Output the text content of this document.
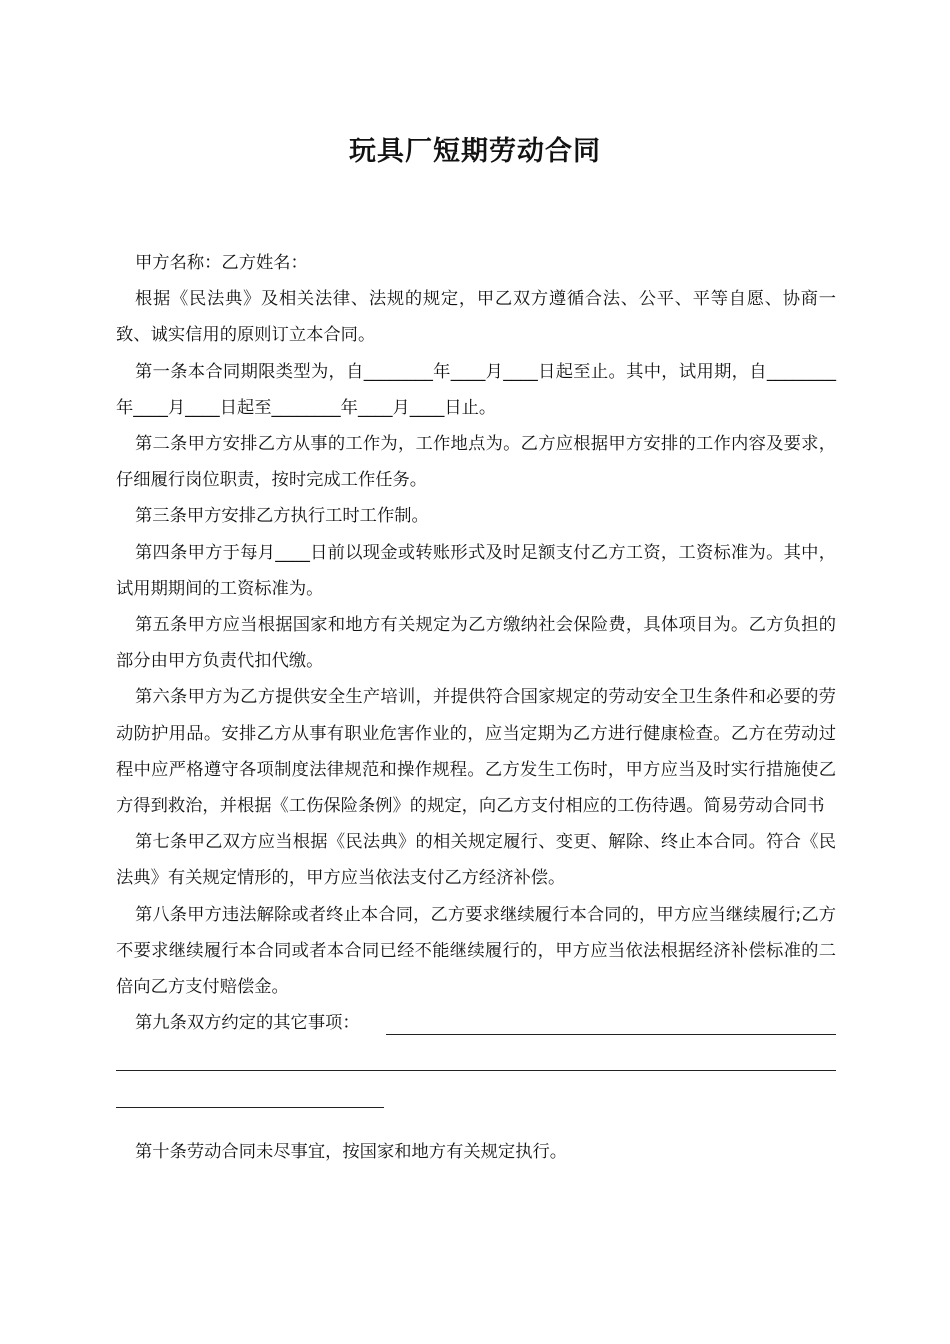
玩具厂短期劳动合同

甲方名称：乙方姓名：

根据《民法典》及相关法律、法规的规定，甲乙双方遵循合法、公平、平等自愿、协商一致、诚实信用的原则订立本合同。

第一条本合同期限类型为，自________年____月____日起至止。其中，试用期，自________年____月____日起至________年____月____日止。

第二条甲方安排乙方从事的工作为，工作地点为。乙方应根据甲方安排的工作内容及要求，仔细履行岗位职责，按时完成工作任务。

第三条甲方安排乙方执行工时工作制。

第四条甲方于每月____日前以现金或转账形式及时足额支付乙方工资，工资标准为。其中，试用期期间的工资标准为。

第五条甲方应当根据国家和地方有关规定为乙方缴纳社会保险费，具体项目为。乙方负担的部分由甲方负责代扣代缴。

第六条甲方为乙方提供安全生产培训，并提供符合国家规定的劳动安全卫生条件和必要的劳动防护用品。安排乙方从事有职业危害作业的，应当定期为乙方进行健康检查。乙方在劳动过程中应严格遵守各项制度法律规范和操作规程。乙方发生工伤时，甲方应当及时实行措施使乙方得到救治，并根据《工伤保险条例》的规定，向乙方支付相应的工伤待遇。简易劳动合同书

第七条甲乙双方应当根据《民法典》的相关规定履行、变更、解除、终止本合同。符合《民法典》有关规定情形的，甲方应当依法支付乙方经济补偿。

第八条甲方违法解除或者终止本合同，乙方要求继续履行本合同的，甲方应当继续履行;乙方不要求继续履行本合同或者本合同已经不能继续履行的，甲方应当依法根据经济补偿标准的二倍向乙方支付赔偿金。

第九条双方约定的其它事项：

第十条劳动合同未尽事宜，按国家和地方有关规定执行。
